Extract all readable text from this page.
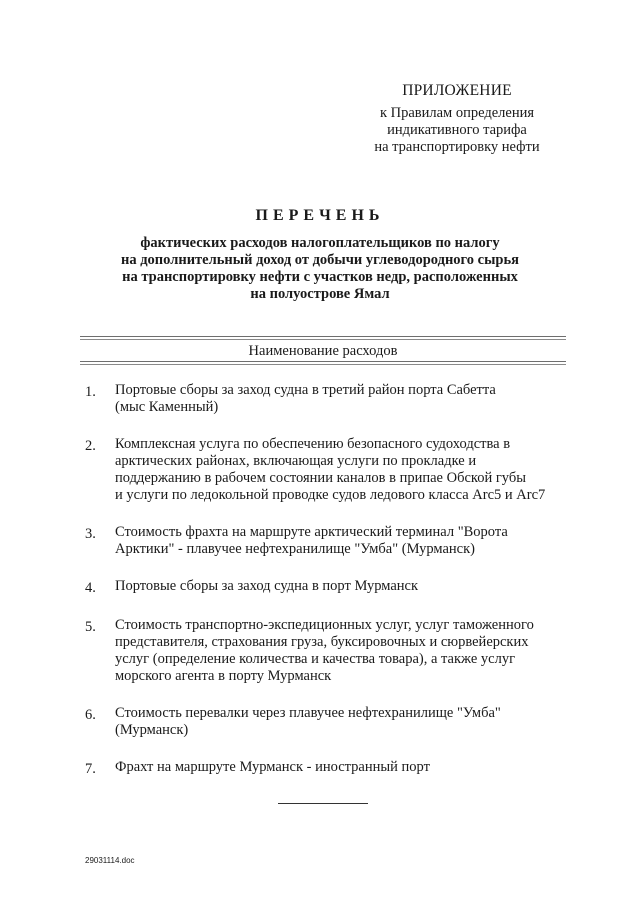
ПРИЛОЖЕНИЕ
к Правилам определения
индикативного тарифа
на транспортировку нефти
ПЕРЕЧЕНЬ
фактических расходов налогоплательщиков по налогу
на дополнительный доход от добычи углеводородного сырья
на транспортировку нефти с участков недр, расположенных
на полуострове Ямал
Наименование расходов
1.	Портовые сборы за заход судна в третий район порта Сабетта
(мыс Каменный)
2.	Комплексная услуга по обеспечению безопасного судоходства в
арктических районах, включающая услуги по прокладке и
поддержанию в рабочем состоянии каналов в припае Обской губы
и услуги по ледокольной проводке судов ледового класса Arc5 и Arc7
3.	Стоимость фрахта на маршруте арктический терминал "Ворота
Арктики" - плавучее нефтехранилище "Умба" (Мурманск)
4.	Портовые сборы за заход судна в порт Мурманск
5.	Стоимость транспортно-экспедиционных услуг, услуг таможенного
представителя, страхования груза, буксировочных и сюрвейерских
услуг (определение количества и качества товара), а также услуг
морского агента в порту Мурманск
6.	Стоимость перевалки через плавучее нефтехранилище "Умба"
(Мурманск)
7.	Фрахт на маршруте Мурманск - иностранный порт
29031114.doc
